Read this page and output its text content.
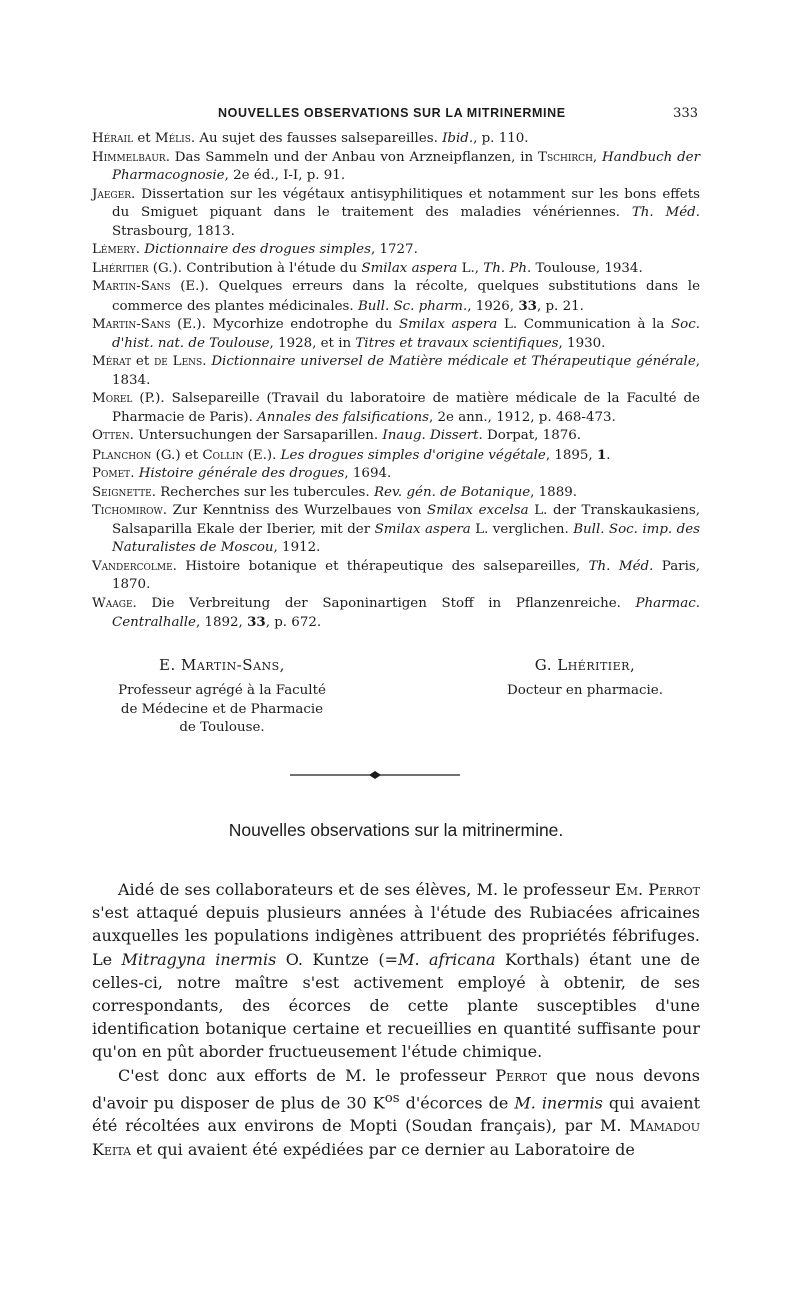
NOUVELLES OBSERVATIONS SUR LA MITRINERMINE	333

Hérail et Mélis. Au sujet des fausses salsepareilles. Ibid., p. 110.

Himmelbaur. Das Sammeln und der Anbau von Arzneipflanzen, in Tschirch, Handbuch der Pharmacognosie, 2e éd., I-I, p. 91.

Jaeger. Dissertation sur les végétaux antisyphilitiques et notamment sur les bons effets du Smiguet piquant dans le traitement des maladies vénériennes. Th. Méd. Strasbourg, 1813.

Lémery. Dictionnaire des drogues simples, 1727.

Lhéritier (G.). Contribution à l'étude du Smilax aspera L., Th. Ph. Toulouse, 1934.

Martin-Sans (E.). Quelques erreurs dans la récolte, quelques substitutions dans le commerce des plantes médicinales. Bull. Sc. pharm., 1926, 33, p. 21.

Martin-Sans (E.). Mycorhize endotrophe du Smilax aspera L. Communication à la Soc. d'hist. nat. de Toulouse, 1928, et in Titres et travaux scientifiques, 1930.

Mérat et de Lens. Dictionnaire universel de Matière médicale et Thérapeutique générale, 1834.

Morel (P.). Salsepareille (Travail du laboratoire de matière médicale de la Faculté de Pharmacie de Paris). Annales des falsifications, 2e ann., 1912, p. 468-473.

Otten. Untersuchungen der Sarsaparillen. Inaug. Dissert. Dorpat, 1876.

Planchon (G.) et Collin (E.). Les drogues simples d'origine végétale, 1895, 1.

Pomet. Histoire générale des drogues, 1694.

Seignette. Recherches sur les tubercules. Rev. gén. de Botanique, 1889.

Tichomirow. Zur Kenntniss des Wurzelbaues von Smilax excelsa L. der Transkaukasiens, Salsaparilla Ekale der Iberier, mit der Smilax aspera L. verglichen. Bull. Soc. imp. des Naturalistes de Moscou, 1912.

Vandercolme. Histoire botanique et thérapeutique des salsepareilles, Th. Méd. Paris, 1870.

Waage. Die Verbreitung der Saponinartigen Stoff in Pflanzenreiche. Pharmac. Centralhalle, 1892, 33, p. 672.

E. Martin-Sans,
Professeur agrégé à la Faculté
de Médecine et de Pharmacie
de Toulouse.
G. Lhéritier,
Docteur en pharmacie.
Nouvelles observations sur la mitrinermine.

Aidé de ses collaborateurs et de ses élèves, M. le professeur Em. Perrot s'est attaqué depuis plusieurs années à l'étude des Rubiacées africaines auxquelles les populations indigènes attribuent des propriétés fébrifuges. Le Mitragyna inermis O. Kuntze (=M. africana Korthals) étant une de celles-ci, notre maître s'est activement employé à obtenir, de ses correspondants, des écorces de cette plante susceptibles d'une identification botanique certaine et recueillies en quantité suffisante pour qu'on en pût aborder fructueusement l'étude chimique.

C'est donc aux efforts de M. le professeur Perrot que nous devons d'avoir pu disposer de plus de 30 $K^{os}$ d'écorces de M. inermis qui avaient été récoltées aux environs de Mopti (Soudan français), par M. Mamadou Keita et qui avaient été expédiées par ce dernier au Laboratoire de
